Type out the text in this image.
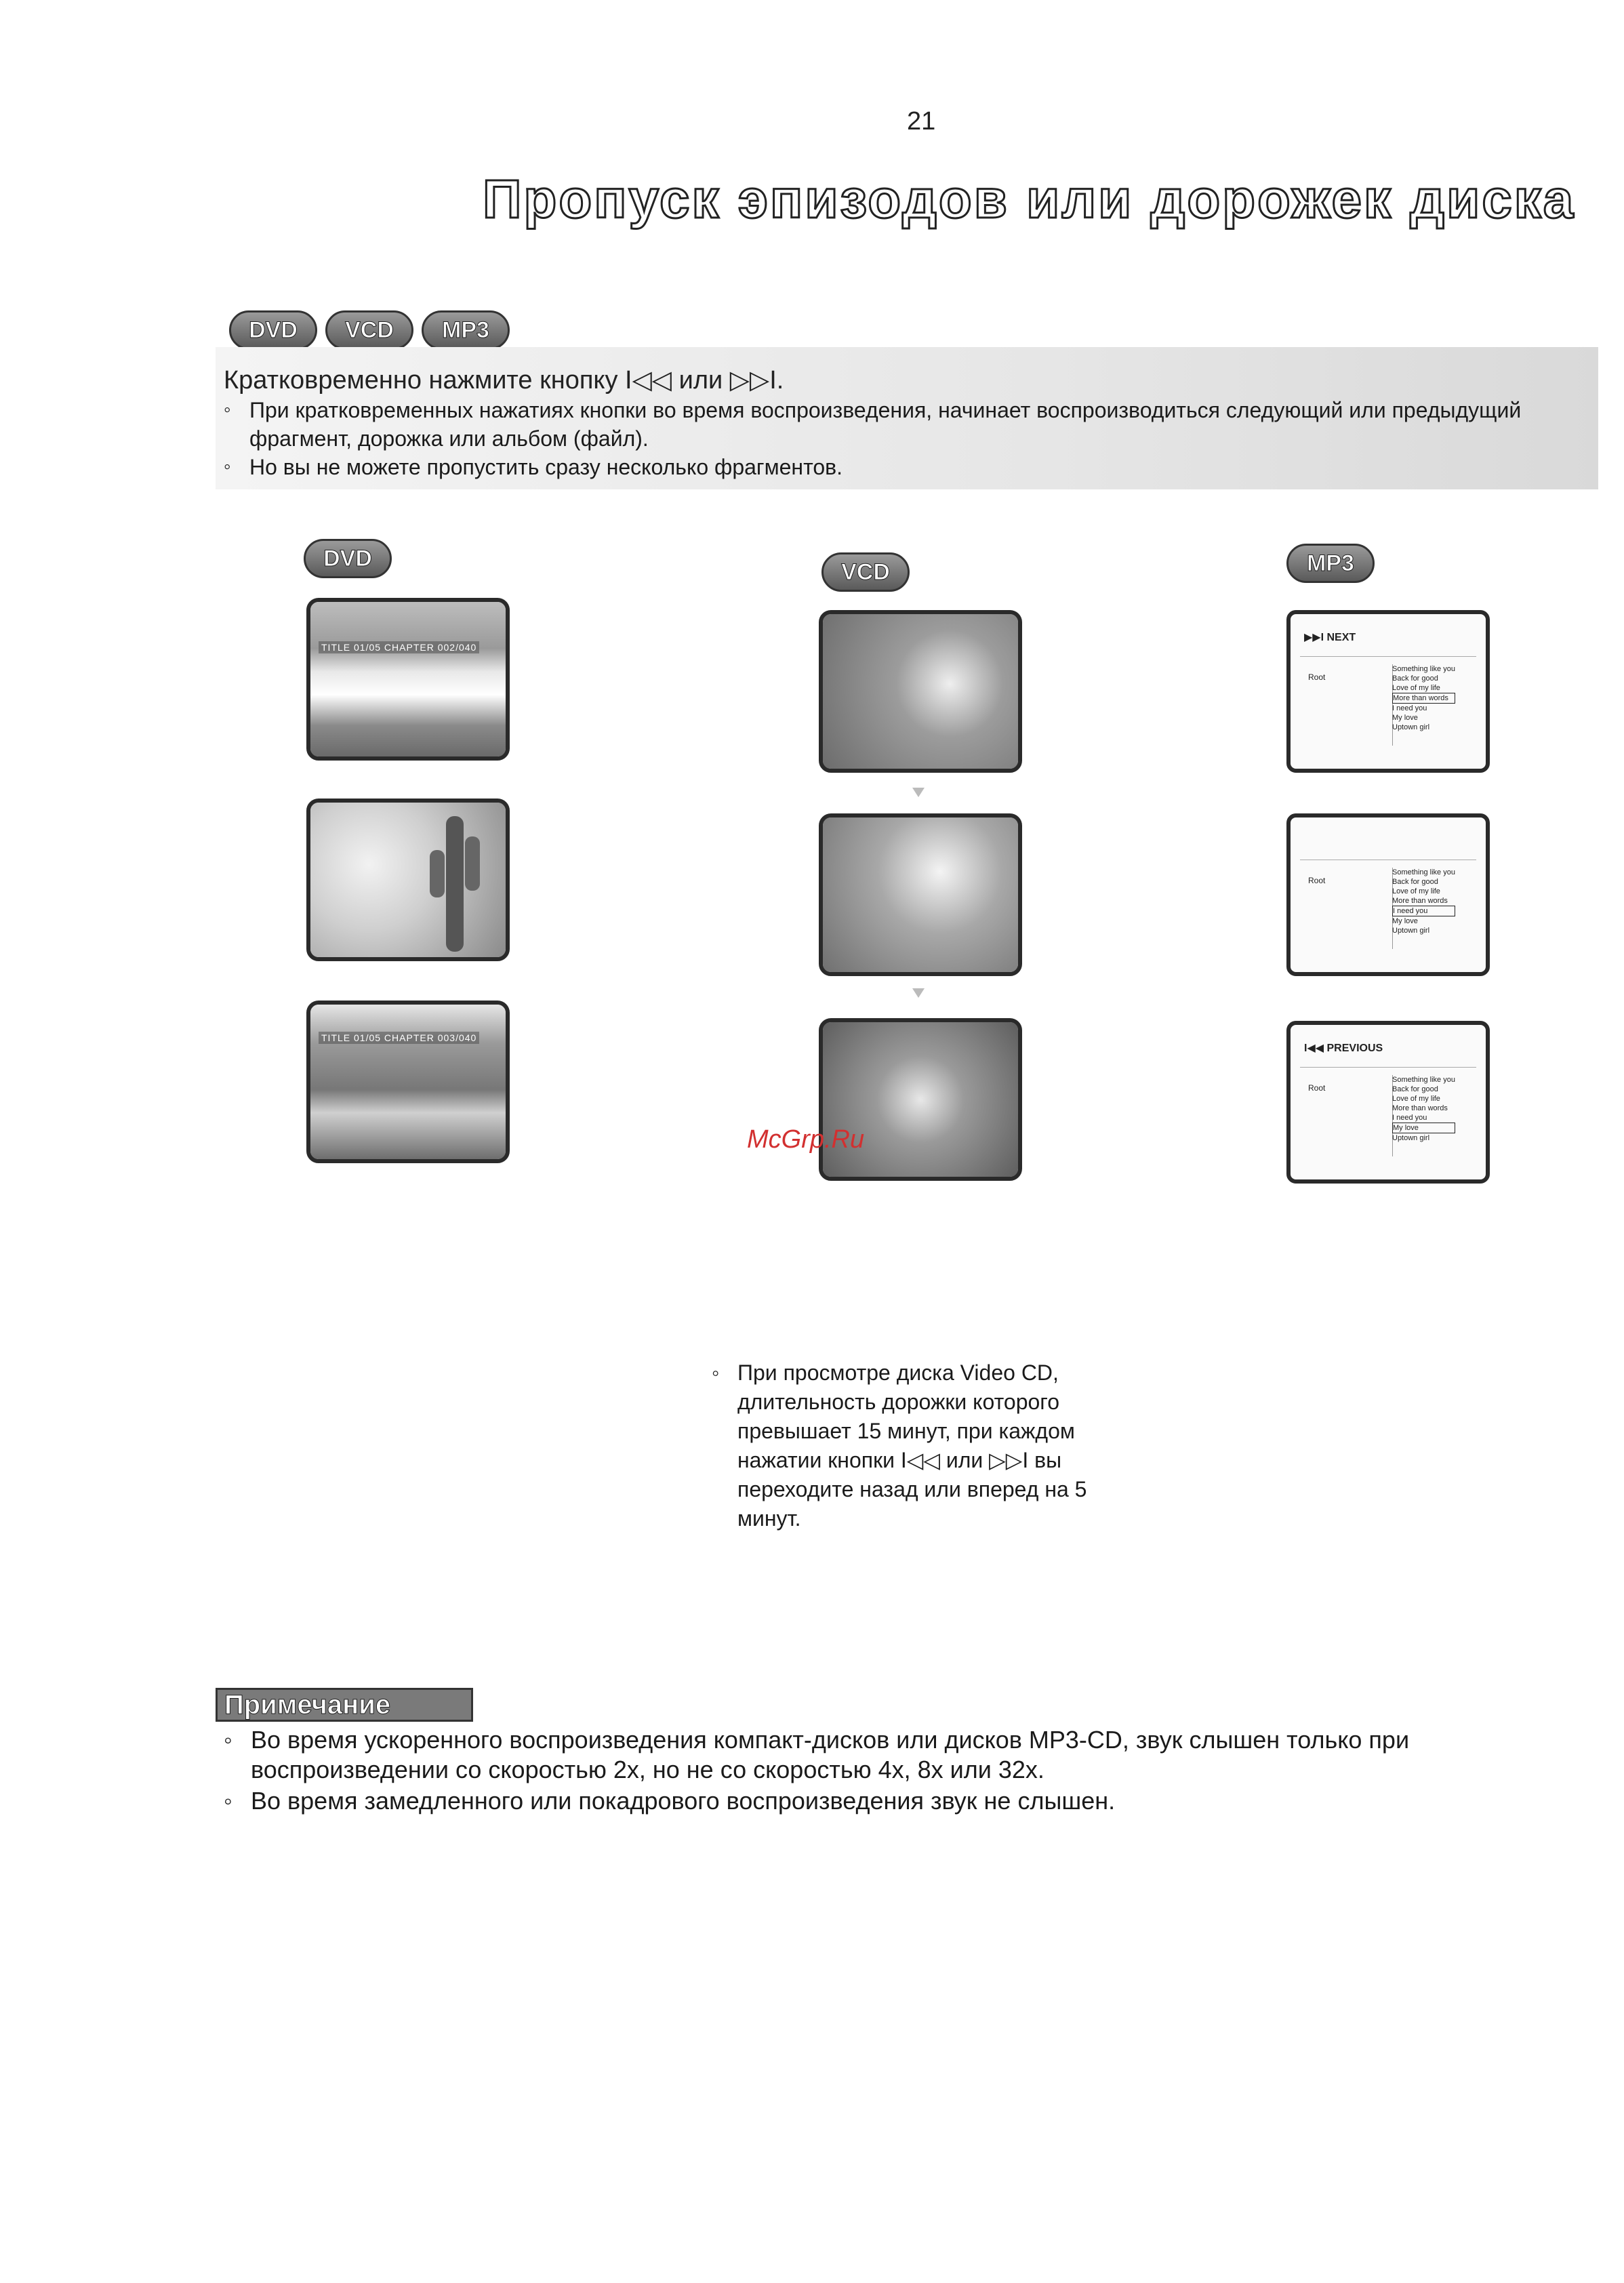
21
Пропуск эпизодов или дорожек диска
DVD	VCD	MP3
Кратковременно нажмите кнопку I◁◁ или ▷▷I.
◦ При кратковременных нажатиях кнопки во время воспроизведения, начинает воспроизводиться следующий или предыдущий фрагмент, дорожка или альбом (файл).
◦ Но вы не можете пропустить сразу несколько фрагментов.
DVD
TITLE 01/05 CHAPTER 002/040
TITLE 01/05 CHAPTER 003/040
VCD	MP3
▶▶I NEXT
Root
Something like you
Back for good
Love of my life
More than words
I need you
My love
Uptown girl
Root
Something like you
Back for good
Love of my life
More than words
I need you
My love
Uptown girl
I◀◀ PREVIOUS
Root
Something like you
Back for good
Love of my life
More than words
I need you
My love
Uptown girl
McGrp.Ru
◦ При просмотре диска Video CD, длительность дорожки которого превышает 15 минут, при каждом нажатии кнопки I◁◁ или ▷▷I вы переходите назад или вперед на 5 минут.
Примечание
◦ Во время ускоренного воспроизведения компакт-дисков или дисков MP3-CD, звук слышен только при воспроизведении со скоростью 2x, но не со скоростью 4x, 8x или 32x.
◦ Во время замедленного или покадрового воспроизведения звук не слышен.
